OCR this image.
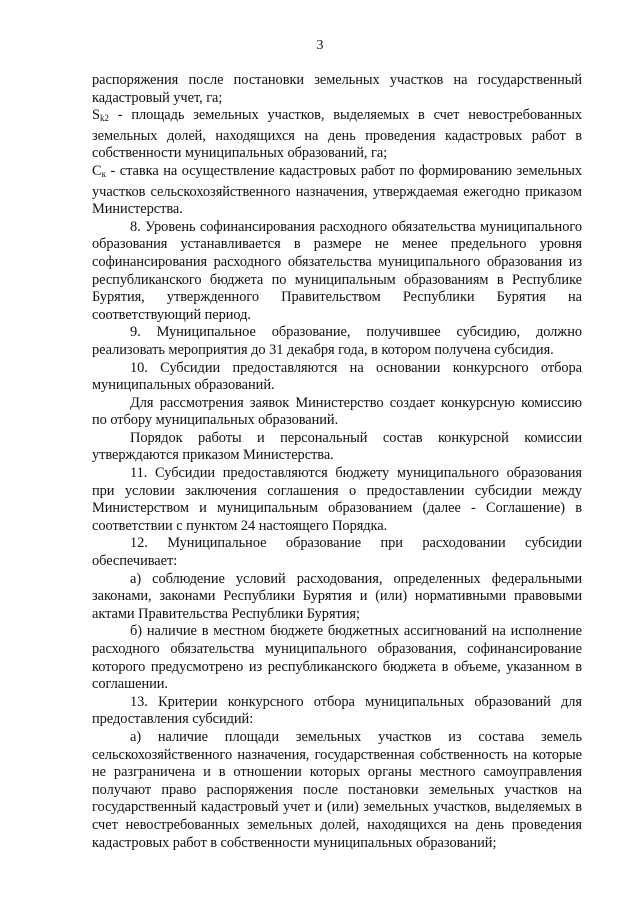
3

распоряжения после постановки земельных участков на государственный кадастровый учет, га;

$S_{k2}$ - площадь земельных участков, выделяемых в счет невостребованных земельных долей, находящихся на день проведения кадастровых работ в собственности муниципальных образований, га;

$C_к$ - ставка на осуществление кадастровых работ по формированию земельных участков сельскохозяйственного назначения, утверждаемая ежегодно приказом Министерства.

8. Уровень софинансирования расходного обязательства муниципального образования устанавливается в размере не менее предельного уровня софинансирования расходного обязательства муниципального образования из республиканского бюджета по муниципальным образованиям в Республике Бурятия, утвержденного Правительством Республики Бурятия на соответствующий период.

9. Муниципальное образование, получившее субсидию, должно реализовать мероприятия до 31 декабря года, в котором получена субсидия.

10. Субсидии предоставляются на основании конкурсного отбора муниципальных образований.

Для рассмотрения заявок Министерство создает конкурсную комиссию по отбору муниципальных образований.

Порядок работы и персональный состав конкурсной комиссии утверждаются приказом Министерства.

11. Субсидии предоставляются бюджету муниципального образования при условии заключения соглашения о предоставлении субсидии между Министерством и муниципальным образованием (далее - Соглашение) в соответствии с пунктом 24 настоящего Порядка.

12. Муниципальное образование при расходовании субсидии обеспечивает:

а) соблюдение условий расходования, определенных федеральными законами, законами Республики Бурятия и (или) нормативными правовыми актами Правительства Республики Бурятия;

б) наличие в местном бюджете бюджетных ассигнований на исполнение расходного обязательства муниципального образования, софинансирование которого предусмотрено из республиканского бюджета в объеме, указанном в соглашении.

13. Критерии конкурсного отбора муниципальных образований для предоставления субсидий:

а) наличие площади земельных участков из состава земель сельскохозяйственного назначения, государственная собственность на которые не разграничена и в отношении которых органы местного самоуправления получают право распоряжения после постановки земельных участков на государственный кадастровый учет и (или) земельных участков, выделяемых в счет невостребованных земельных долей, находящихся на день проведения кадастровых работ в собственности муниципальных образований;
